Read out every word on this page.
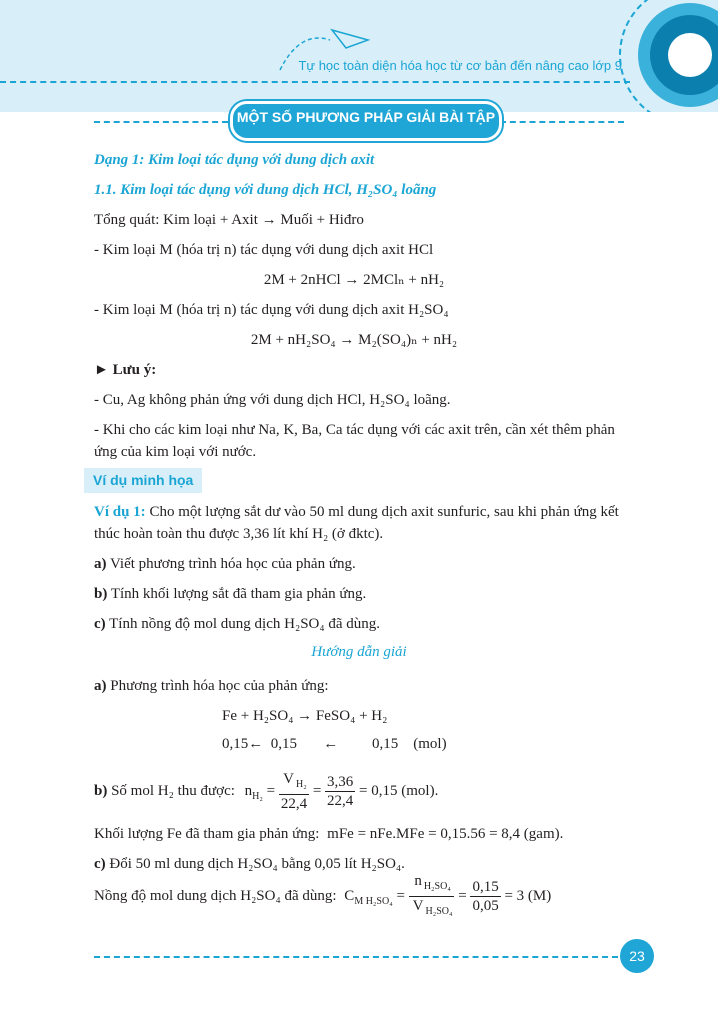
Tự học toàn diện hóa học từ cơ bản đến nâng cao lớp 9
MỘT SỐ PHƯƠNG PHÁP GIẢI BÀI TẬP
Dạng 1: Kim loại tác dụng với dung dịch axit
1.1. Kim loại tác dụng với dung dịch HCl, H₂SO₄ loãng
Tổng quát: Kim loại + Axit → Muối + Hiđro
- Kim loại M (hóa trị n) tác dụng với dung dịch axit HCl
2M + 2nHCl → 2MClₙ + nH₂
- Kim loại M (hóa trị n) tác dụng với dung dịch axit H₂SO₄
2M + nH₂SO₄ → M₂(SO₄)ₙ + nH₂
► Lưu ý:
- Cu, Ag không phản ứng với dung dịch HCl, H₂SO₄ loãng.
- Khi cho các kim loại như Na, K, Ba, Ca tác dụng với các axit trên, cần xét thêm phản
ứng của kim loại với nước.
Ví dụ minh họa
Ví dụ 1: Cho một lượng sắt dư vào 50 ml dung dịch axit sunfuric, sau khi phản ứng kết
thúc hoàn toàn thu được 3,36 lít khí H₂ (ở đktc).
a) Viết phương trình hóa học của phản ứng.
b) Tính khối lượng sắt đã tham gia phản ứng.
c) Tính nồng độ mol dung dịch H₂SO₄ đã dùng.
Hướng dẫn giải
a) Phương trình hóa học của phản ứng:
Fe + H₂SO₄ → FeSO₄ + H₂
0,15←  0,15       ←         0,15    (mol)
b) Số mol H₂ thu được: $n_{H_2} = \frac{V _{H_2}}{22,4} = \frac{3,36}{22,4} = 0,15$ (mol).
Khối lượng Fe đã tham gia phản ứng: mFe = nFe.MFe = 0,15.56 = 8,4 (gam).
c) Đổi 50 ml dung dịch H₂SO₄ bằng 0,05 lít H₂SO₄.
Nồng độ mol dung dịch H₂SO₄ đã dùng: $C_{M H_2SO_4} = \frac{n _{H_2SO_4}}{V _{H_2SO_4}} = \frac{0,15}{0,05} = 3$ (M)
23
